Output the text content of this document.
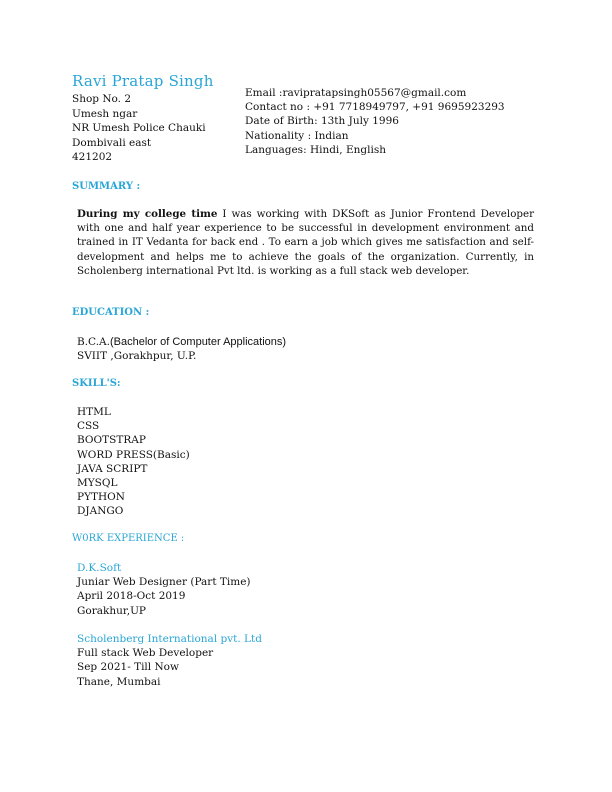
Ravi Pratap Singh
Shop No. 2
Umesh ngar
NR Umesh Police Chauki
Dombivali east
421202
Email :ravipratapsingh05567@gmail.com
Contact no : +91 7718949797, +91 9695923293
Date of Birth: 13th July 1996
Nationality : Indian
Languages: Hindi, English
SUMMARY :
During my college time I was working with DKSoft as Junior Frontend Developer with one and half year experience to be successful in development environment and trained in IT Vedanta for back end . To earn a job which gives me satisfaction and self-development and helps me to achieve the goals of the organization. Currently, in Scholenberg international Pvt ltd. is working as a full stack web developer.
EDUCATION :
B.C.A.(Bachelor of Computer Applications)
SVIIT ,Gorakhpur, U.P.
SKILL'S:
HTML
CSS
BOOTSTRAP
WORD PRESS(Basic)
JAVA SCRIPT
MYSQL
PYTHON
DJANGO
W0RK EXPERIENCE :
D.K.Soft
Juniar Web Designer (Part Time)
April 2018-Oct 2019
Gorakhur,UP
Scholenberg International pvt. Ltd
Full stack Web Developer
Sep 2021- Till Now
Thane, Mumbai
